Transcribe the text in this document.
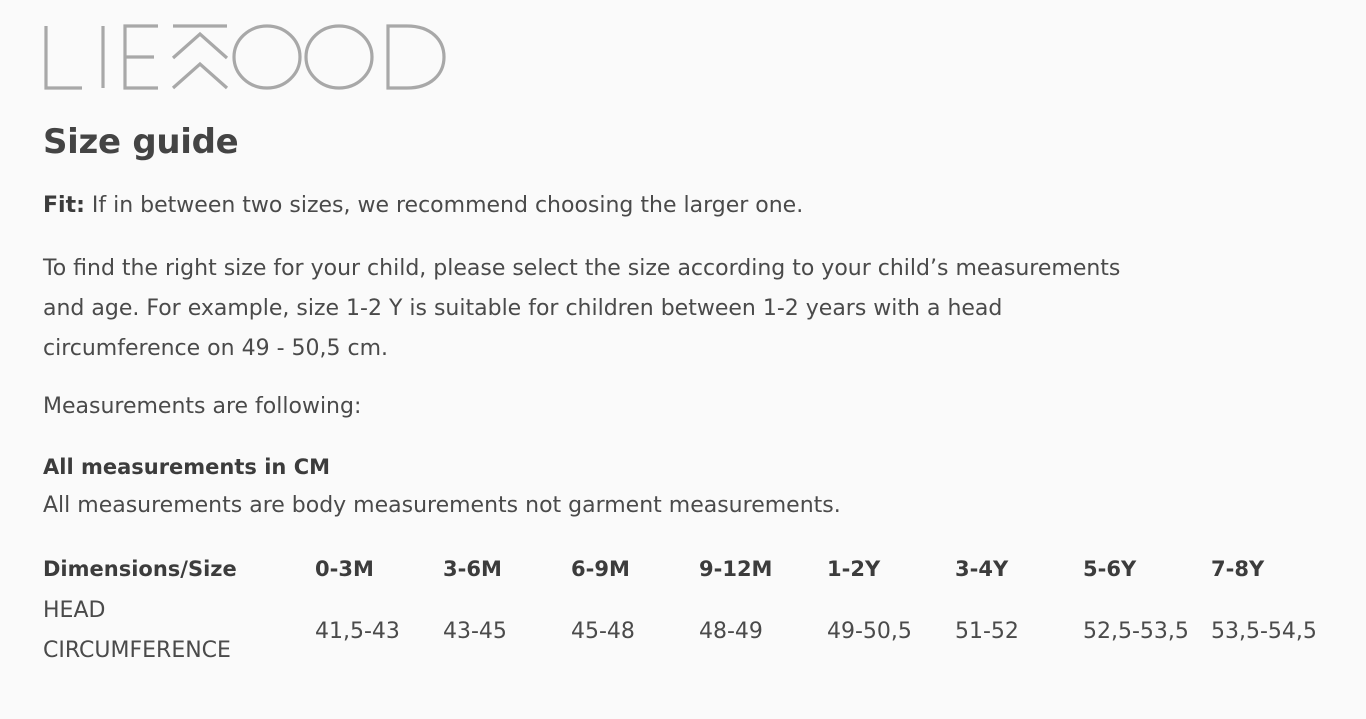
Size guide

Fit: If in between two sizes, we recommend choosing the larger one.

To find the right size for your child, please select the size according to your child’s measurements
and age. For example, size 1-2 Y is suitable for children between 1-2 years with a head
circumference on 49 - 50,5 cm.

Measurements are following:

All measurements in CM

All measurements are body measurements not garment measurements.

Dimensions/Size	0-3M	3-6M	6-9M	9-12M	1-2Y	3-4Y	5-6Y	7-8Y

HEAD
CIRCUMFERENCE	41,5-43	43-45	45-48	48-49	49-50,5	51-52	52,5-53,5	53,5-54,5
